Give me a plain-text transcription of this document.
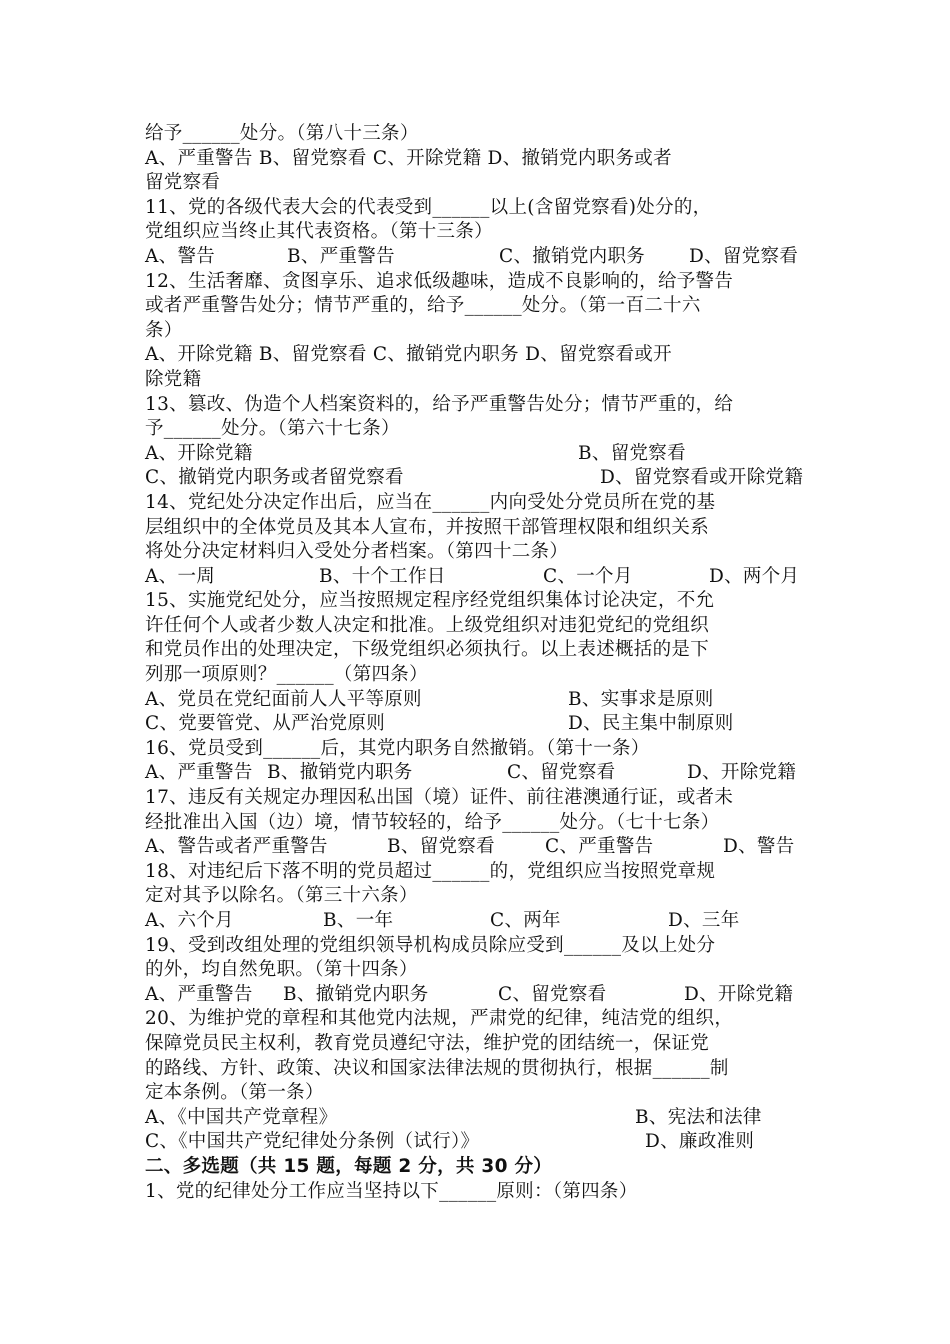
给予______处分。（第八十三条）

A、严重警告 B、留党察看 C、开除党籍 D、撤销党内职务或者

留党察看

11、党的各级代表大会的代表受到______以上(含留党察看)处分的，

党组织应当终止其代表资格。（第十三条）

A、警告	B、严重警告	C、撤销党内职务	D、留党察看

12、生活奢靡、贪图享乐、追求低级趣味，造成不良影响的，给予警告

或者严重警告处分；情节严重的，给予______处分。（第一百二十六

条）

A、开除党籍 B、留党察看 C、撤销党内职务 D、留党察看或开

除党籍

13、篡改、伪造个人档案资料的，给予严重警告处分；情节严重的，给

予______处分。（第六十七条）

A、开除党籍	B、留党察看
C、撤销党内职务或者留党察看	D、留党察看或开除党籍

14、党纪处分决定作出后，应当在______内向受处分党员所在党的基

层组织中的全体党员及其本人宣布，并按照干部管理权限和组织关系

将处分决定材料归入受处分者档案。（第四十二条）

A、一周	B、十个工作日	C、一个月	D、两个月

15、实施党纪处分，应当按照规定程序经党组织集体讨论决定，不允

许任何个人或者少数人决定和批准。上级党组织对违犯党纪的党组织

和党员作出的处理决定，下级党组织必须执行。以上表述概括的是下

列那一项原则？______（第四条）

A、党员在党纪面前人人平等原则	B、实事求是原则
C、党要管党、从严治党原则	D、民主集中制原则

16、党员受到______后，其党内职务自然撤销。（第十一条）

A、严重警告 B、撤销党内职务	C、留党察看	D、开除党籍

17、违反有关规定办理因私出国（境）证件、前往港澳通行证，或者未

经批准出入国（边）境，情节较轻的，给予______处分。（七十七条）

A、警告或者严重警告	B、留党察看	C、严重警告	D、警告

18、对违纪后下落不明的党员超过______的，党组织应当按照党章规

定对其予以除名。（第三十六条）

A、六个月	B、一年	C、两年	D、三年

19、受到改组处理的党组织领导机构成员除应受到______及以上处分

的外，均自然免职。（第十四条）

A、严重警告	B、撤销党内职务	C、留党察看	D、开除党籍

20、为维护党的章程和其他党内法规，严肃党的纪律，纯洁党的组织，

保障党员民主权利，教育党员遵纪守法，维护党的团结统一，保证党

的路线、方针、政策、决议和国家法律法规的贯彻执行，根据______制

定本条例。（第一条）

A、《中国共产党章程》	B、宪法和法律
C、《中国共产党纪律处分条例（试行）》	D、廉政准则

二、多选题（共 15 题，每题 2 分，共 30 分）

1、党的纪律处分工作应当坚持以下______原则：（第四条）
